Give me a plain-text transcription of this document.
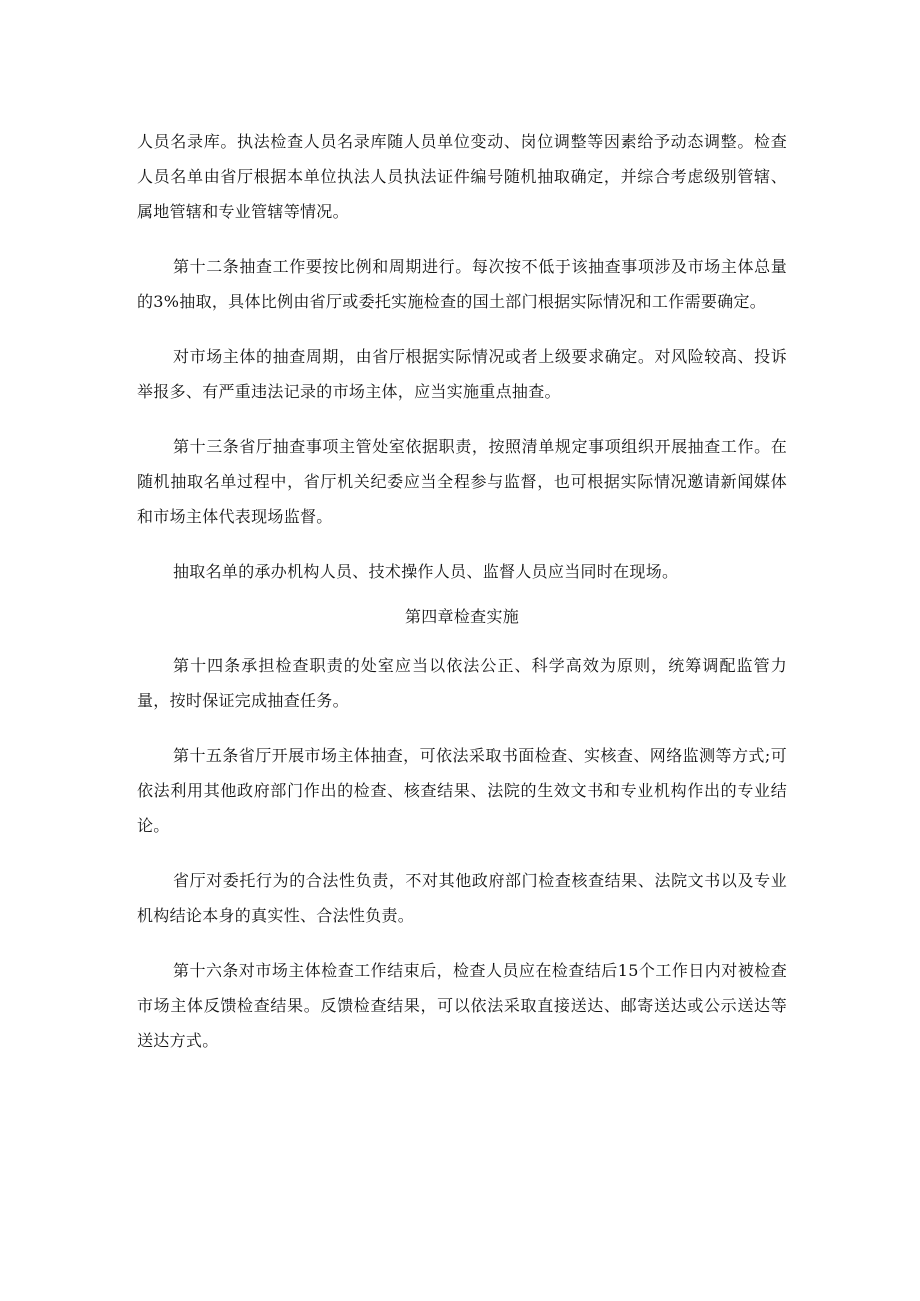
人员名录库。执法检查人员名录库随人员单位变动、岗位调整等因素给予动态调整。检查人员名单由省厅根据本单位执法人员执法证件编号随机抽取确定，并综合考虑级别管辖、属地管辖和专业管辖等情况。

第十二条抽查工作要按比例和周期进行。每次按不低于该抽查事项涉及市场主体总量的3%抽取，具体比例由省厅或委托实施检查的国土部门根据实际情况和工作需要确定。

对市场主体的抽查周期，由省厅根据实际情况或者上级要求确定。对风险较高、投诉举报多、有严重违法记录的市场主体，应当实施重点抽查。

第十三条省厅抽查事项主管处室依据职责，按照清单规定事项组织开展抽查工作。在随机抽取名单过程中，省厅机关纪委应当全程参与监督，也可根据实际情况邀请新闻媒体和市场主体代表现场监督。

抽取名单的承办机构人员、技术操作人员、监督人员应当同时在现场。

第四章检查实施

第十四条承担检查职责的处室应当以依法公正、科学高效为原则，统筹调配监管力量，按时保证完成抽查任务。

第十五条省厅开展市场主体抽查，可依法采取书面检查、实核查、网络监测等方式;可依法利用其他政府部门作出的检查、核查结果、法院的生效文书和专业机构作出的专业结论。

省厅对委托行为的合法性负责，不对其他政府部门检查核查结果、法院文书以及专业机构结论本身的真实性、合法性负责。

第十六条对市场主体检查工作结束后，检查人员应在检查结后15个工作日内对被检查市场主体反馈检查结果。反馈检查结果，可以依法采取直接送达、邮寄送达或公示送达等送达方式。
